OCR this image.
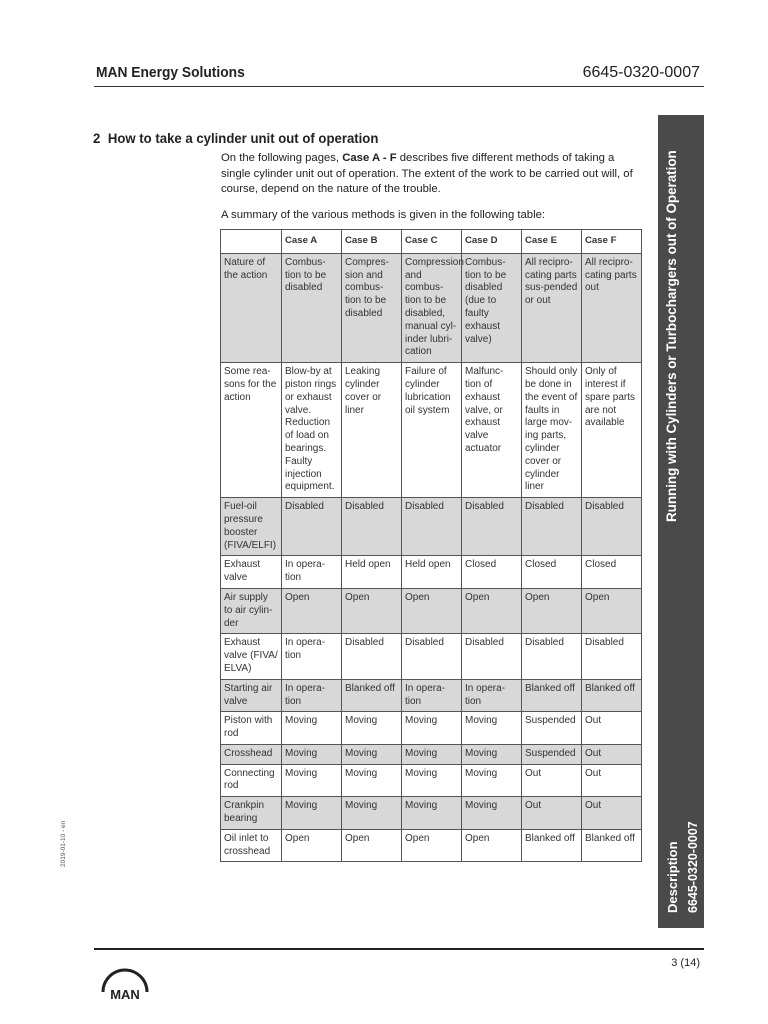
MAN Energy Solutions	6645-0320-0007
2 How to take a cylinder unit out of operation

On the following pages, Case A - F describes five different methods of taking a single cylinder unit out of operation. The extent of the work to be carried out will, of course, depend on the nature of the trouble.

A summary of the various methods is given in the following table:
	Case A	Case B	Case C	Case D	Case E	Case F
Nature of the action	Combus-tion to be disabled	Compres-sion and combus-tion to be disabled	Compression and combus-tion to be disabled, manual cyl-inder lubri-cation	Combus-tion to be disabled (due to faulty exhaust valve)	All recipro-cating parts sus-pended or out	All recipro-cating parts out
Some rea-sons for the action	Blow-by at piston rings or exhaust valve. Reduction of load on bearings. Faulty injection equipment.	Leaking cylinder cover or liner	Failure of cylinder lubrication oil system	Malfunc-tion of exhaust valve, or exhaust valve actuator	Should only be done in the event of faults in large mov-ing parts, cylinder cover or cylinder liner	Only of interest if spare parts are not available
Fuel-oil pressure booster (FIVA/ELFI)	Disabled	Disabled	Disabled	Disabled	Disabled	Disabled
Exhaust valve	In opera-tion	Held open	Held open	Closed	Closed	Closed
Air supply to air cylin-der	Open	Open	Open	Open	Open	Open
Exhaust valve (FIVA/ ELVA)	In opera-tion	Disabled	Disabled	Disabled	Disabled	Disabled
Starting air valve	In opera-tion	Blanked off	In opera-tion	In opera-tion	Blanked off	Blanked off
Piston with rod	Moving	Moving	Moving	Moving	Suspended	Out
Crosshead	Moving	Moving	Moving	Moving	Suspended	Out
Connecting rod	Moving	Moving	Moving	Moving	Out	Out
Crankpin bearing	Moving	Moving	Moving	Moving	Out	Out
Oil inlet to crosshead	Open	Open	Open	Open	Blanked off	Blanked off
Running with Cylinders or Turbochargers out of Operation
Description 6645-0320-0007
2019-01-10 - en
3 (14)
MAN
